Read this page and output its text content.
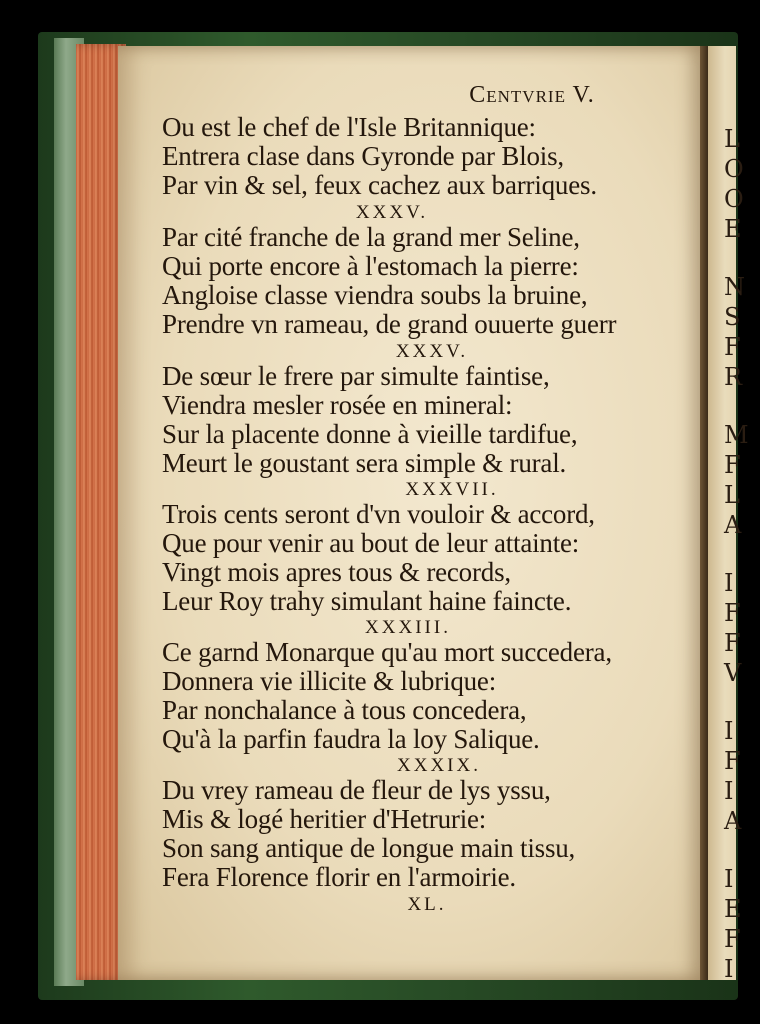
L
O
O
E
N
S
F
R
M
F
L
A
I
F
F
V
I
F
I
A
I
E
F
I
Centvrie V.
Ou est le chef de l'Isle Britannique:
Entrera clase dans Gyronde par Blois,
Par vin & sel, feux cachez aux barriques.
XXXV.
Par cité franche de la grand mer Seline,
Qui porte encore à l'estomach la pierre:
Angloise classe viendra soubs la bruine,
Prendre vn rameau, de grand ouuerte guerr
XXXV.
De sœur le frere par simulte faintise,
Viendra mesler rosée en mineral:
Sur la placente donne à vieille tardifue,
Meurt le goustant sera simple & rural.
XXXVII.
Trois cents seront d'vn vouloir & accord,
Que pour venir au bout de leur attainte:
Vingt mois apres tous & records,
Leur Roy trahy simulant haine faincte.
XXXIII.
Ce garnd Monarque qu'au mort succedera,
Donnera vie illicite & lubrique:
Par nonchalance à tous concedera,
Qu'à la parfin faudra la loy Salique.
XXXIX.
Du vrey rameau de fleur de lys yssu,
Mis & logé heritier d'Hetrurie:
Son sang antique de longue main tissu,
Fera Florence florir en l'armoirie.
XL.
